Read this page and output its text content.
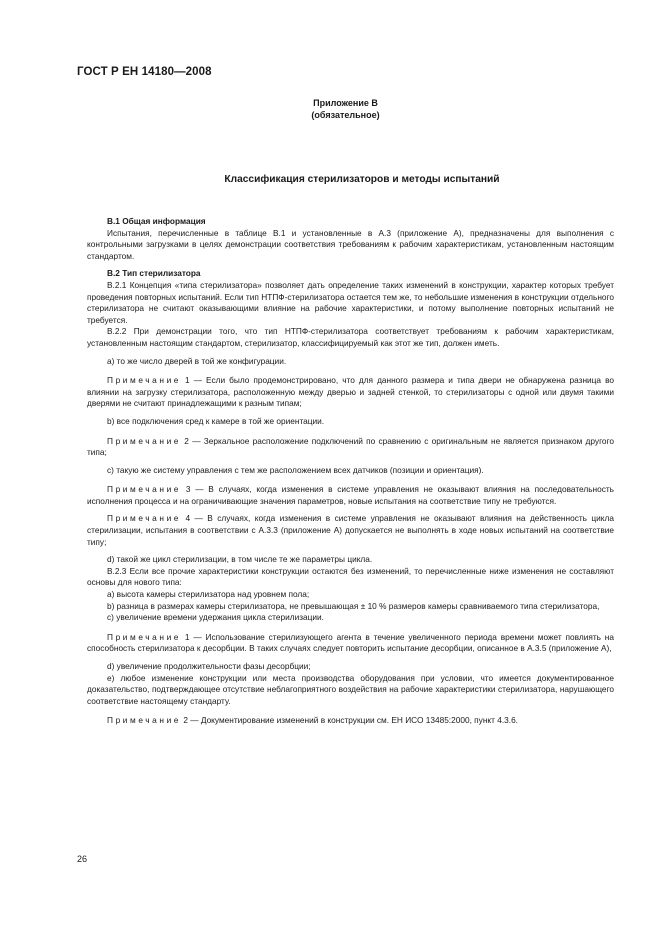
ГОСТ Р ЕН 14180—2008
Приложение В
(обязательное)
Классификация стерилизаторов и методы испытаний

В.1 Общая информация

Испытания, перечисленные в таблице В.1 и установленные в А.3 (приложение А), предназначены для выполнения с контрольными загрузками в целях демонстрации соответствия требованиям к рабочим характеристикам, установленным настоящим стандартом.

В.2 Тип стерилизатора

В.2.1 Концепция «типа стерилизатора» позволяет дать определение таких изменений в конструкции, характер которых требует проведения повторных испытаний. Если тип НТПФ-стерилизатора остается тем же, то небольшие изменения в конструкции отдельного стерилизатора не считают оказывающими влияние на рабочие характеристики, и потому выполнение повторных испытаний не требуется.

В.2.2 При демонстрации того, что тип НТПФ-стерилизатора соответствует требованиям к рабочим характеристикам, установленным настоящим стандартом, стерилизатор, классифицируемый как этот же тип, должен иметь.

а) то же число дверей в той же конфигурации.

Примечание 1 — Если было продемонстрировано, что для данного размера и типа двери не обнаружена разница во влиянии на загрузку стерилизатора, расположенную между дверью и задней стенкой, то стерилизаторы с одной или двумя такими дверями не считают принадлежащими к разным типам;

b) все подключения сред к камере в той же ориентации.

Примечание 2 — Зеркальное расположение подключений по сравнению с оригинальным не является признаком другого типа;

с) такую же систему управления с тем же расположением всех датчиков (позиции и ориентация).

Примечание 3 — В случаях, когда изменения в системе управления не оказывают влияния на последовательность исполнения процесса и на ограничивающие значения параметров, новые испытания на соответствие типу не требуются.

Примечание 4 — В случаях, когда изменения в системе управления не оказывают влияния на действенность цикла стерилизации, испытания в соответствии с А.3.3 (приложение А) допускается не выполнять в ходе новых испытаний на соответствие типу;

d) такой же цикл стерилизации, в том числе те же параметры цикла.

В.2.3 Если все прочие характеристики конструкции остаются без изменений, то перечисленные ниже изменения не составляют основы для нового типа:

а) высота камеры стерилизатора над уровнем пола;

b) разница в размерах камеры стерилизатора, не превышающая ± 10 % размеров камеры сравниваемого типа стерилизатора,

с) увеличение времени удержания цикла стерилизации.

Примечание 1 — Использование стерилизующего агента в течение увеличенного периода времени может повлиять на способность стерилизатора к десорбции. В таких случаях следует повторить испытание десорбции, описанное в А.3.5 (приложение А),

d) увеличение продолжительности фазы десорбции;

е) любое изменение конструкции или места производства оборудования при условии, что имеется документированное доказательство, подтверждающее отсутствие неблагоприятного воздействия на рабочие характеристики стерилизатора, нарушающего соответствие настоящему стандарту.

Примечание 2 — Документирование изменений в конструкции см. ЕН ИСО 13485:2000, пункт 4.3.6.

26
